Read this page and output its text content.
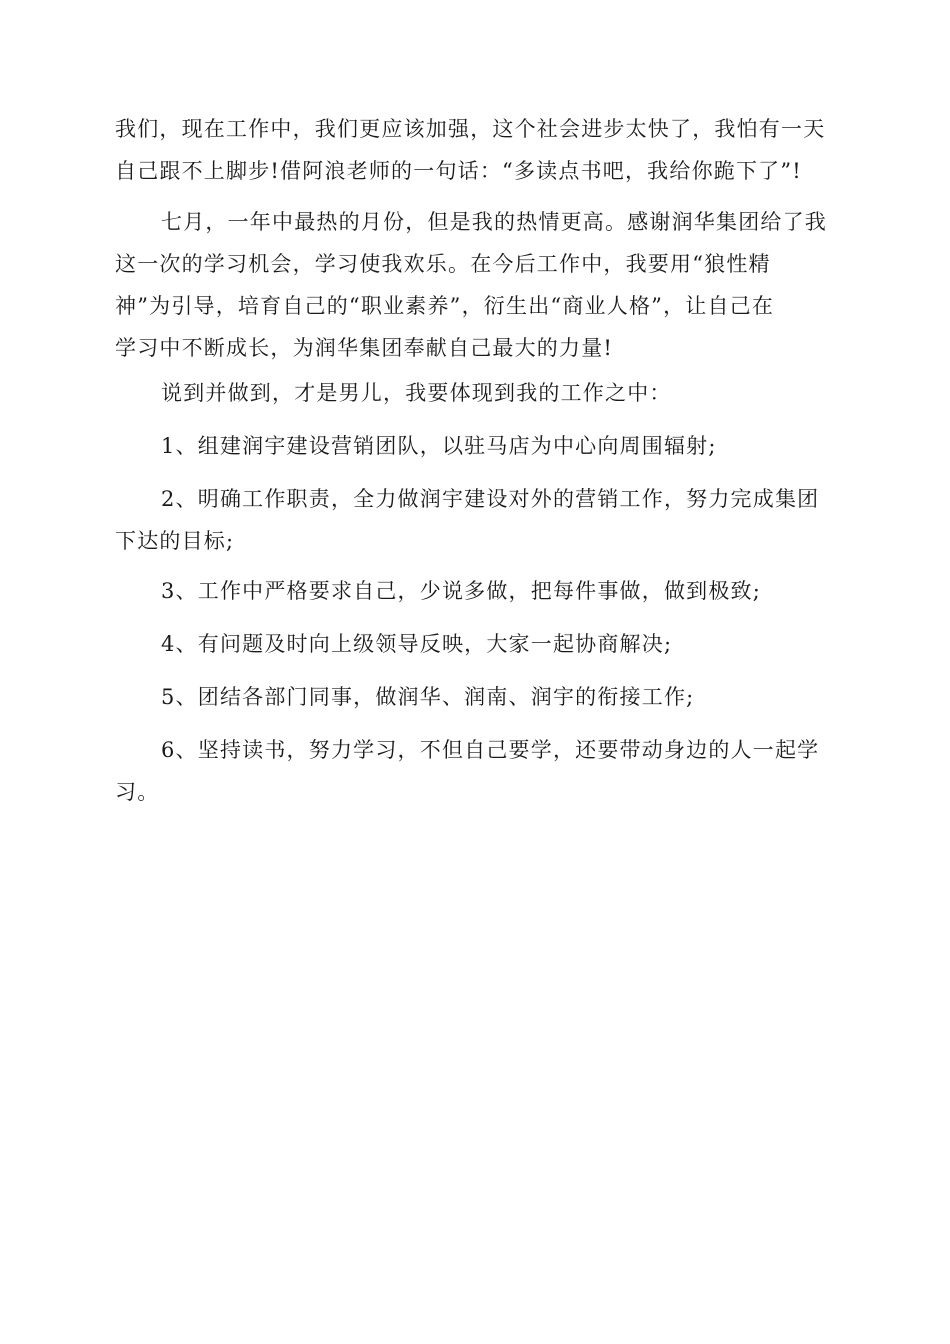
我们，现在工作中，我们更应该加强，这个社会进步太快了，我怕有一天
自己跟不上脚步!借阿浪老师的一句话：“多读点书吧，我给你跪下了”!

七月，一年中最热的月份，但是我的热情更高。感谢润华集团给了我
这一次的学习机会，学习使我欢乐。在今后工作中，我要用“狼性精
神”为引导，培育自己的“职业素养”，衍生出“商业人格”，让自己在
学习中不断成长，为润华集团奉献自己最大的力量!

说到并做到，才是男儿，我要体现到我的工作之中：

1、组建润宇建设营销团队，以驻马店为中心向周围辐射;

2、明确工作职责，全力做润宇建设对外的营销工作，努力完成集团
下达的目标;

3、工作中严格要求自己，少说多做，把每件事做，做到极致;

4、有问题及时向上级领导反映，大家一起协商解决;

5、团结各部门同事，做润华、润南、润宇的衔接工作;

6、坚持读书，努力学习，不但自己要学，还要带动身边的人一起学
习。
